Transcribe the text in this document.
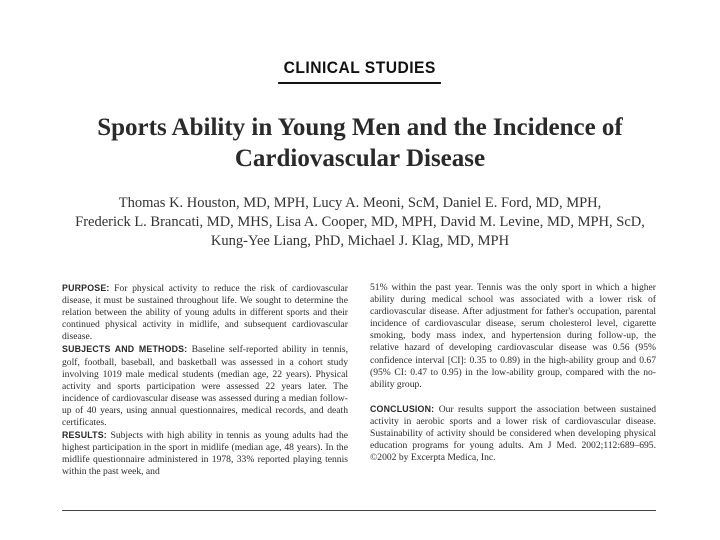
CLINICAL STUDIES
Sports Ability in Young Men and the Incidence of Cardiovascular Disease
Thomas K. Houston, MD, MPH, Lucy A. Meoni, ScM, Daniel E. Ford, MD, MPH,
Frederick L. Brancati, MD, MHS, Lisa A. Cooper, MD, MPH, David M. Levine, MD, MPH, ScD,
Kung-Yee Liang, PhD, Michael J. Klag, MD, MPH

PURPOSE: For physical activity to reduce the risk of cardiovascular disease, it must be sustained throughout life. We sought to determine the relation between the ability of young adults in different sports and their continued physical activity in midlife, and subsequent cardiovascular disease.

SUBJECTS AND METHODS: Baseline self-reported ability in tennis, golf, football, baseball, and basketball was assessed in a cohort study involving 1019 male medical students (median age, 22 years). Physical activity and sports participation were assessed 22 years later. The incidence of cardiovascular disease was assessed during a median follow-up of 40 years, using annual questionnaires, medical records, and death certificates.

RESULTS: Subjects with high ability in tennis as young adults had the highest participation in the sport in midlife (median age, 48 years). In the midlife questionnaire administered in 1978, 33% reported playing tennis within the past week, and

51% within the past year. Tennis was the only sport in which a higher ability during medical school was associated with a lower risk of cardiovascular disease. After adjustment for father's occupation, parental incidence of cardiovascular disease, serum cholesterol level, cigarette smoking, body mass index, and hypertension during follow-up, the relative hazard of developing cardiovascular disease was 0.56 (95% confidence interval [CI]: 0.35 to 0.89) in the high-ability group and 0.67 (95% CI: 0.47 to 0.95) in the low-ability group, compared with the no-ability group.

CONCLUSION: Our results support the association between sustained activity in aerobic sports and a lower risk of cardiovascular disease. Sustainability of activity should be considered when developing physical education programs for young adults. Am J Med. 2002;112:689–695. ©2002 by Excerpta Medica, Inc.
